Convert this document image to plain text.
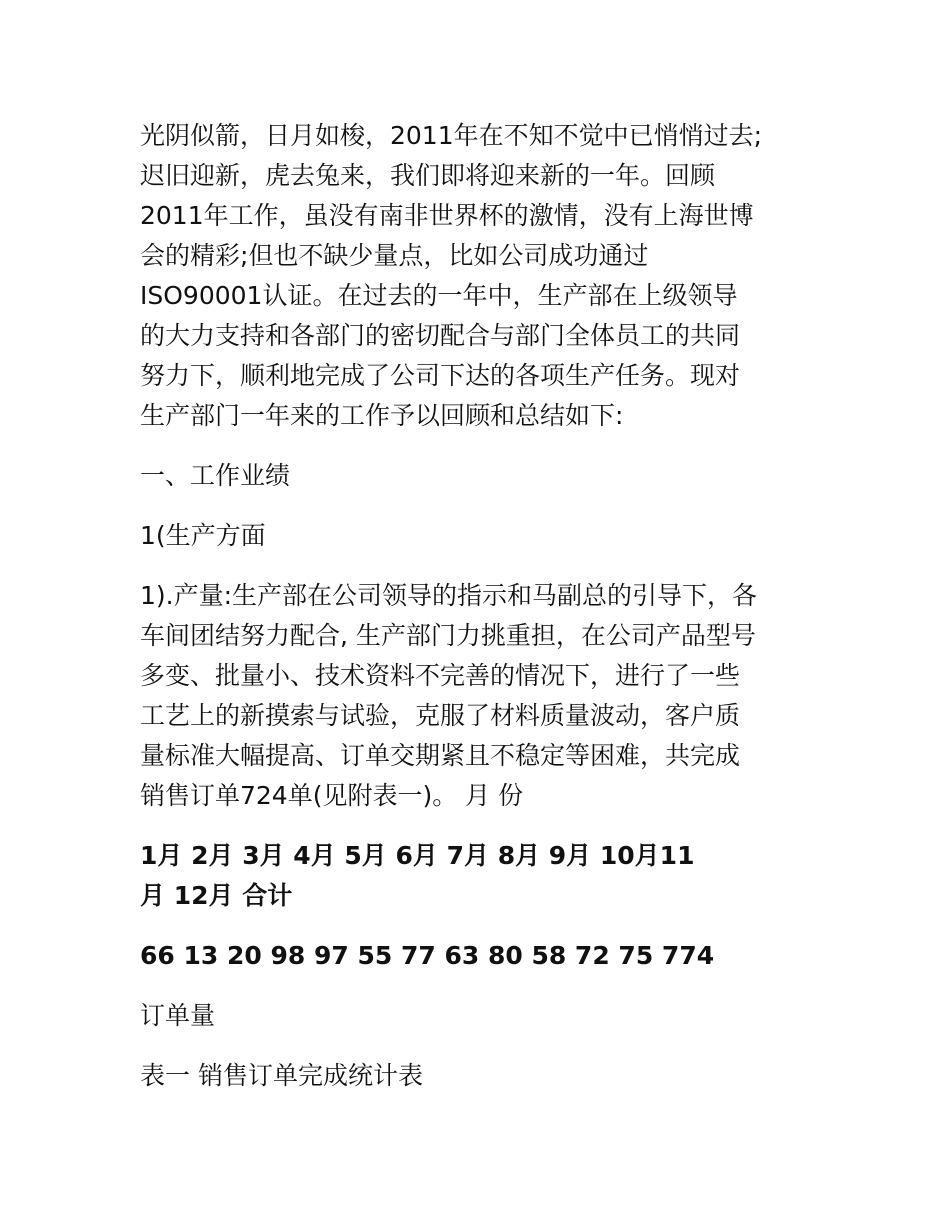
光阴似箭，日月如梭，2011年在不知不觉中已悄悄过去;
迟旧迎新，虎去兔来，我们即将迎来新的一年。回顾
2011年工作，虽没有南非世界杯的激情，没有上海世博
会的精彩;但也不缺少量点，比如公司成功通过
ISO90001认证。在过去的一年中，生产部在上级领导
的大力支持和各部门的密切配合与部门全体员工的共同
努力下，顺利地完成了公司下达的各项生产任务。现对
生产部门一年来的工作予以回顾和总结如下:

一、工作业绩

1(生产方面

1).产量:生产部在公司领导的指示和马副总的引导下，各
车间团结努力配合, 生产部门力挑重担，在公司产品型号
多变、批量小、技术资料不完善的情况下，进行了一些
工艺上的新摸索与试验，克服了材料质量波动，客户质
量标准大幅提高、订单交期紧且不稳定等困难，共完成
销售订单724单(见附表一)。 月 份

1月 2月 3月 4月 5月 6月 7月 8月 9月 10月11
月 12月 合计

66 13 20 98 97 55 77 63 80 58 72 75 774

订单量

表一 销售订单完成统计表
